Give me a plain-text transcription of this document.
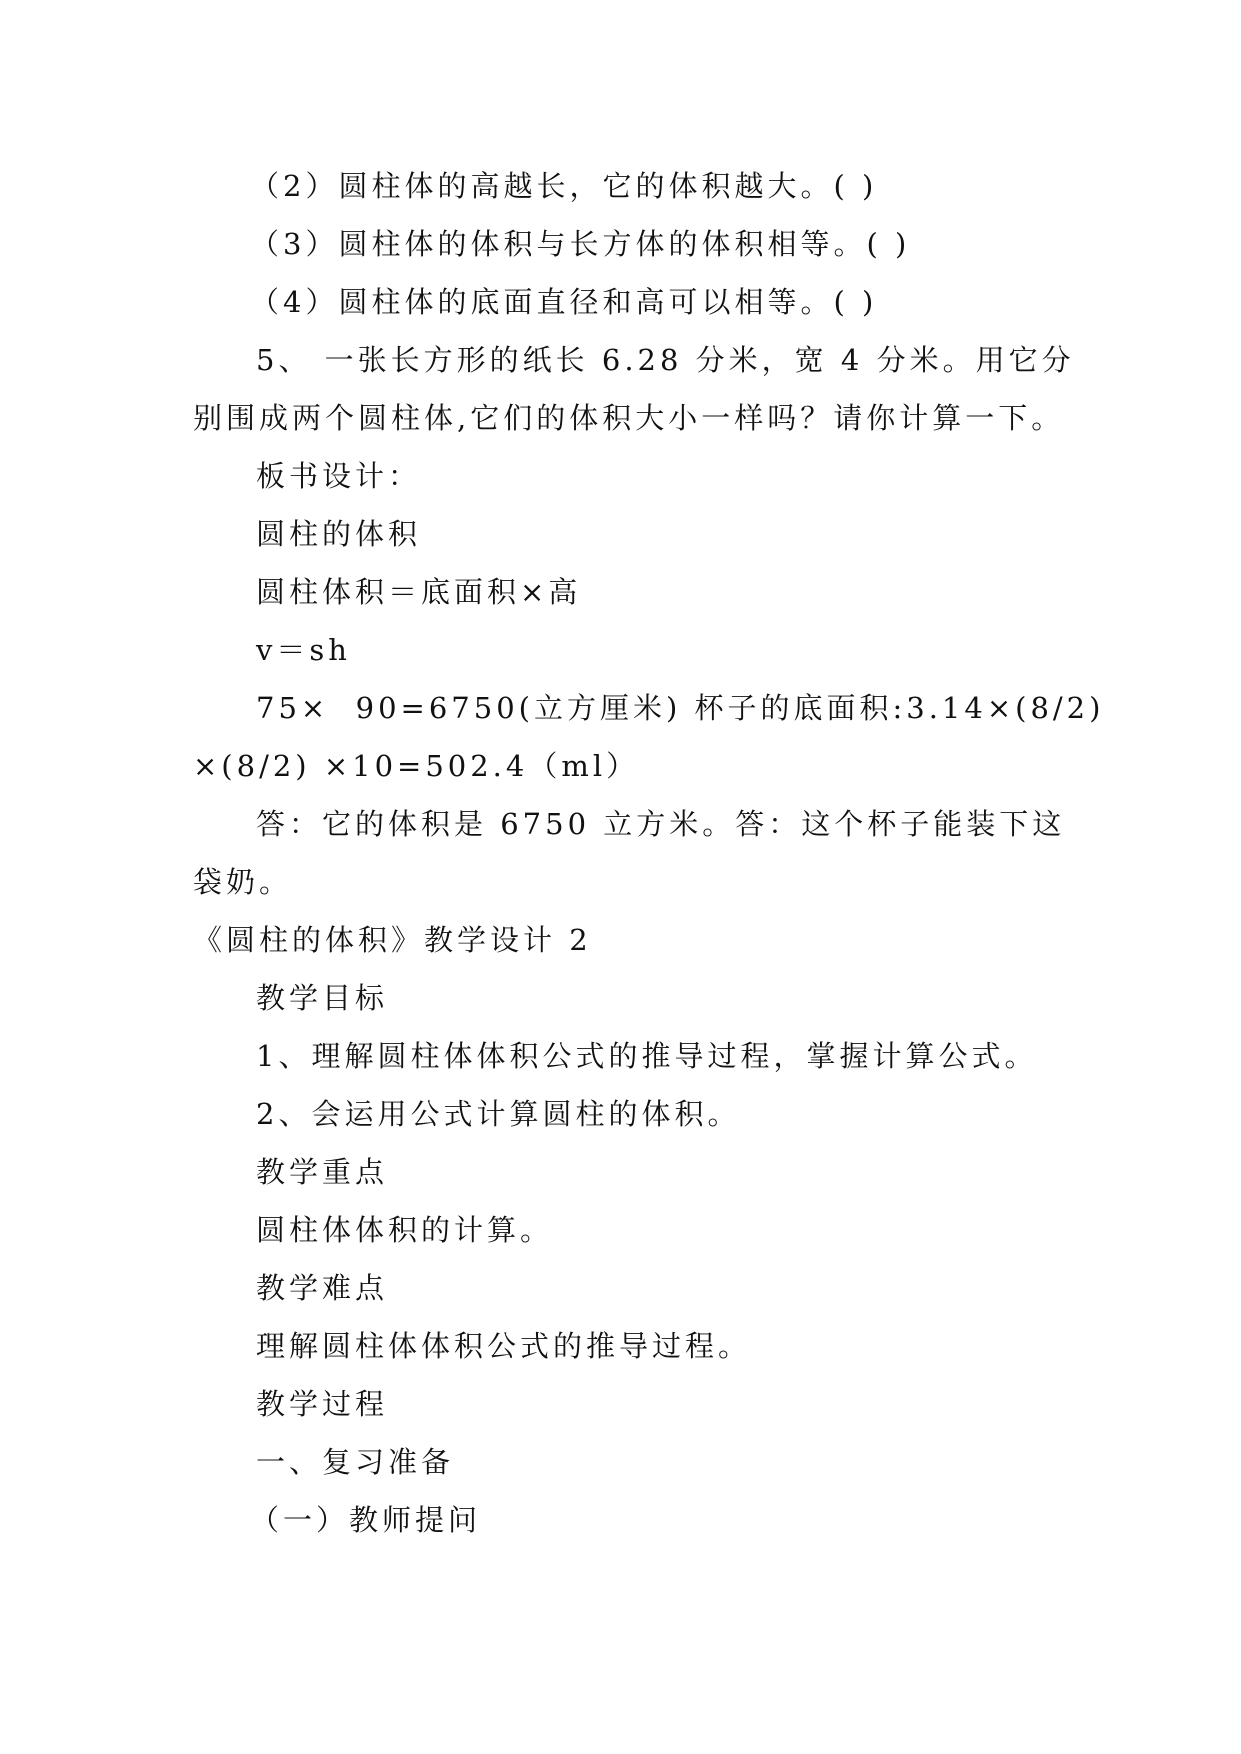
（2）圆柱体的高越长，它的体积越大。( )
（3）圆柱体的体积与长方体的体积相等。( )
（4）圆柱体的底面直径和高可以相等。( )
5、 一张长方形的纸长 6.28 分米，宽 4 分米。用它分
别围成两个圆柱体,它们的体积大小一样吗？请你计算一下。
板书设计：
圆柱的体积
圆柱体积＝底面积×高
v＝sh
75×  90=6750(立方厘米) 杯子的底面积:3.14×(8/2)
×(8/2) ×10=502.4（ml）
答：它的体积是 6750 立方米。答：这个杯子能装下这
袋奶。
《圆柱的体积》教学设计 2
教学目标
1、理解圆柱体体积公式的推导过程，掌握计算公式。
2、会运用公式计算圆柱的体积。
教学重点
圆柱体体积的计算。
教学难点
理解圆柱体体积公式的推导过程。
教学过程
一、复习准备
（一）教师提问
